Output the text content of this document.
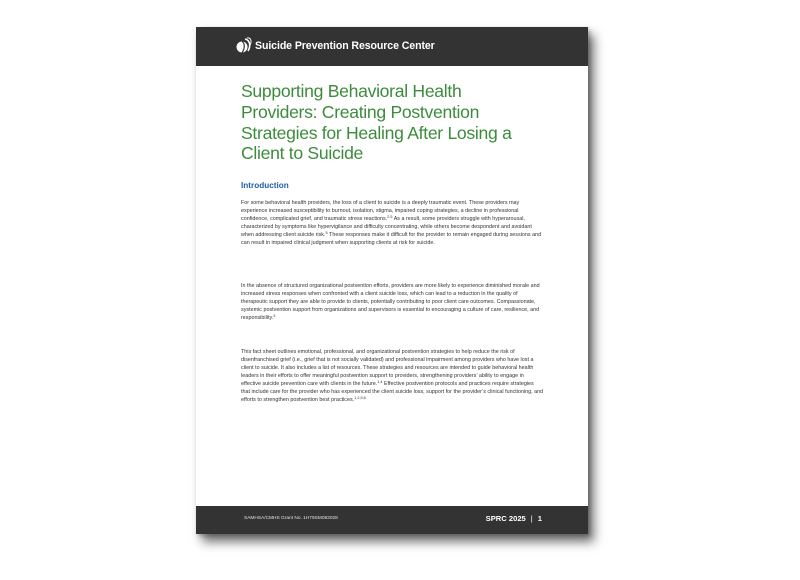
Suicide Prevention Resource Center
Supporting Behavioral Health Providers: Creating Postvention Strategies for Healing After Losing a Client to Suicide
Introduction

For some behavioral health providers, the loss of a client to suicide is a deeply traumatic event. These providers may experience increased susceptibility to burnout, isolation, stigma, impaired coping strategies, a decline in professional confidence, complicated grief, and traumatic stress reactions.$^{2,5}$ As a result, some providers struggle with hyperarousal, characterized by symptoms like hypervigilance and difficulty concentrating, while others become despondent and avoidant when addressing client suicide risk.$^5$ These responses make it difficult for the provider to remain engaged during sessions and can result in impaired clinical judgment when supporting clients at risk for suicide.

In the absence of structured organizational postvention efforts, providers are more likely to experience diminished morale and increased stress responses when confronted with a client suicide loss, which can lead to a reduction in the quality of therapeutic support they are able to provide to clients, potentially contributing to poor client care outcomes. Compassionate, systemic postvention support from organizations and supervisors is essential to encouraging a culture of care, resilience, and responsibility.$^3$

This fact sheet outlines emotional, professional, and organizational postvention strategies to help reduce the risk of disenfranchised grief (i.e., grief that is not socially validated) and professional impairment among providers who have lost a client to suicide. It also includes a list of resources. These strategies and resources are intended to guide behavioral health leaders in their efforts to offer meaningful postvention support to providers, strengthening providers’ ability to engage in effective suicide prevention care with clients in the future.$^{1,4}$ Effective postvention protocols and practices require strategies that include care for the provider who has experienced the client suicide loss, support for the provider’s clinical functioning, and efforts to strengthen postvention best practices.$^{1,2,5,6}$

SAMHSA/CMHS Grant No. 1H79SM083028	SPRC 2025 | 1
